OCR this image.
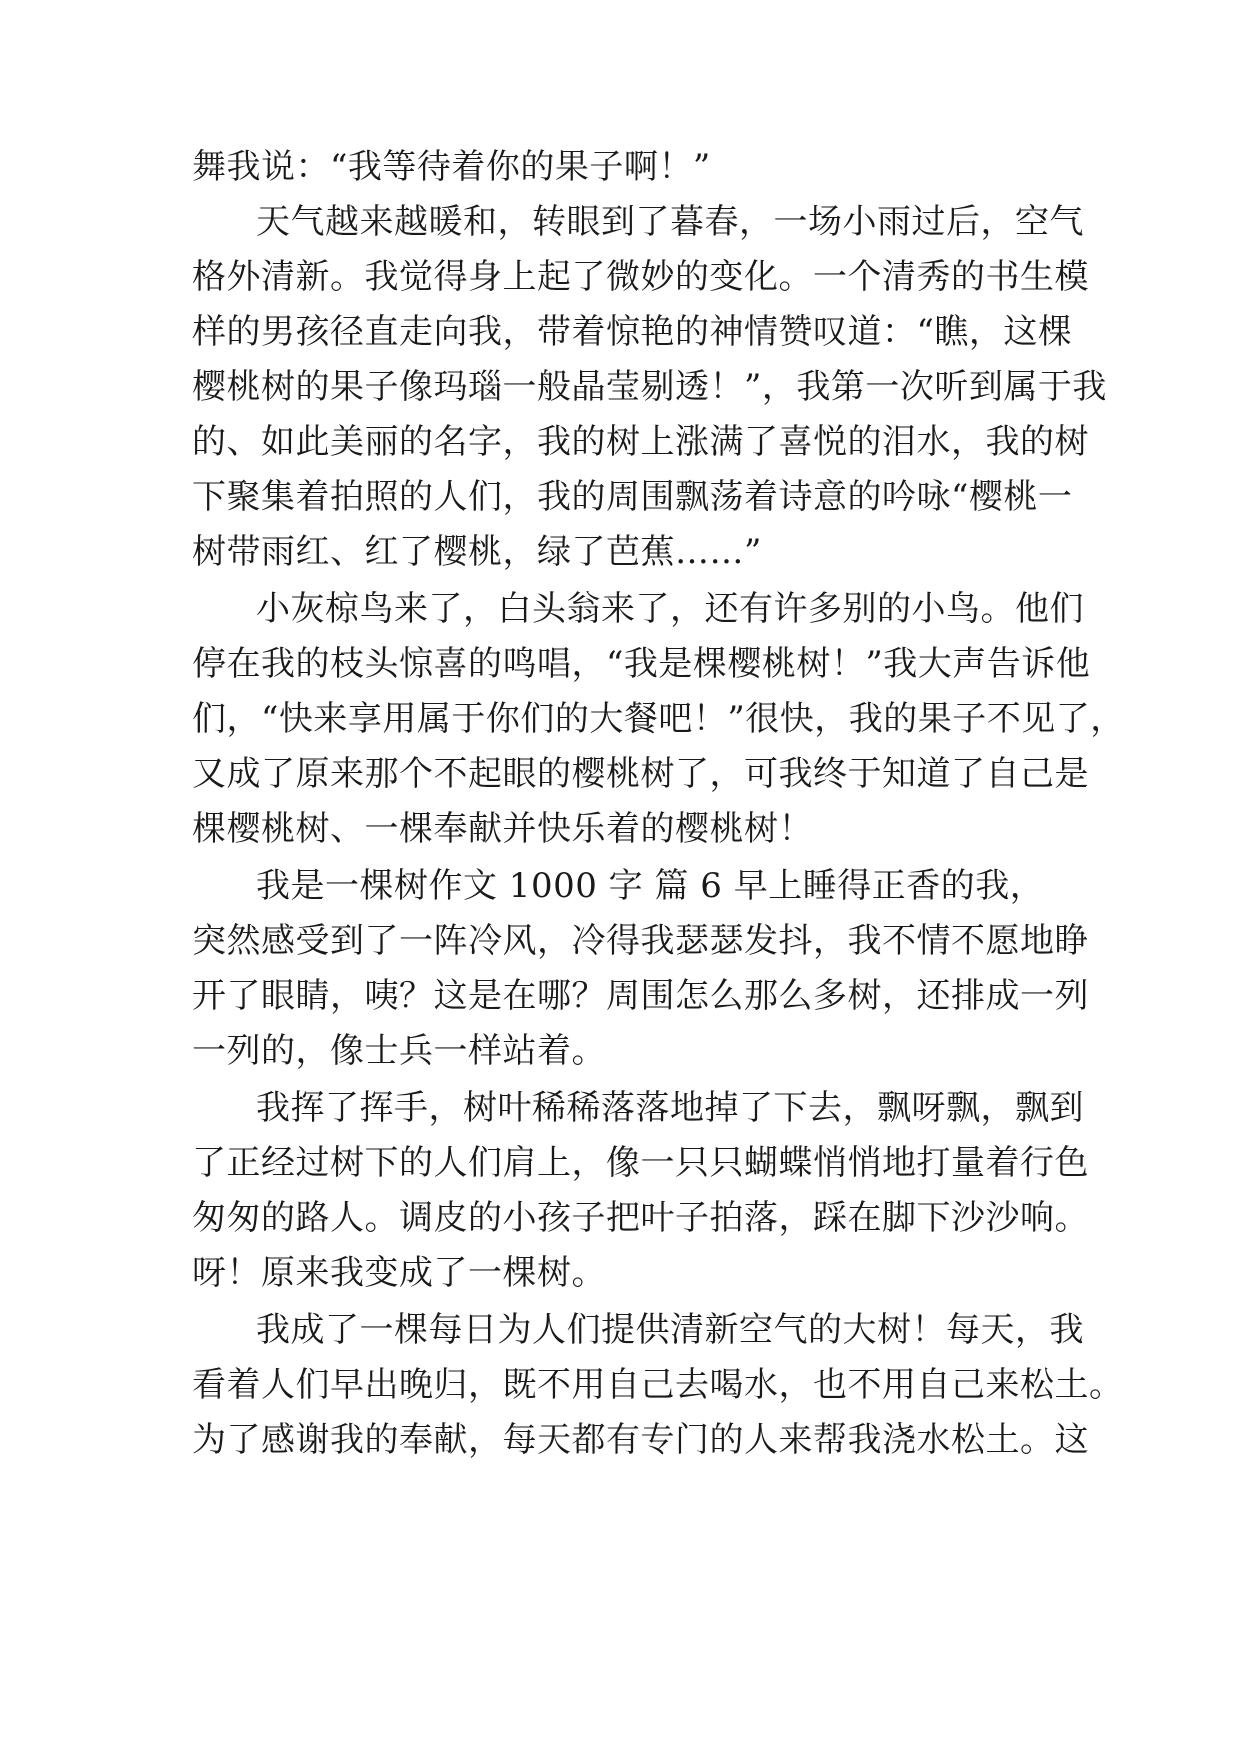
舞我说：“我等待着你的果子啊！”
天气越来越暖和，转眼到了暮春，一场小雨过后，空气
格外清新。我觉得身上起了微妙的变化。一个清秀的书生模
样的男孩径直走向我，带着惊艳的神情赞叹道：“瞧，这棵
樱桃树的果子像玛瑙一般晶莹剔透！”，我第一次听到属于我
的、如此美丽的名字，我的树上涨满了喜悦的泪水，我的树
下聚集着拍照的人们，我的周围飘荡着诗意的吟咏“樱桃一
树带雨红、红了樱桃，绿了芭蕉……”
小灰椋鸟来了，白头翁来了，还有许多别的小鸟。他们
停在我的枝头惊喜的鸣唱，“我是棵樱桃树！”我大声告诉他
们，“快来享用属于你们的大餐吧！”很快，我的果子不见了，
又成了原来那个不起眼的樱桃树了，可我终于知道了自己是
棵樱桃树、一棵奉献并快乐着的樱桃树！
我是一棵树作文 1000 字 篇 6 早上睡得正香的我，
突然感受到了一阵冷风，冷得我瑟瑟发抖，我不情不愿地睁
开了眼睛，咦？这是在哪？周围怎么那么多树，还排成一列
一列的，像士兵一样站着。
我挥了挥手，树叶稀稀落落地掉了下去，飘呀飘，飘到
了正经过树下的人们肩上，像一只只蝴蝶悄悄地打量着行色
匆匆的路人。调皮的小孩子把叶子拍落，踩在脚下沙沙响。
呀！原来我变成了一棵树。
我成了一棵每日为人们提供清新空气的大树！每天，我
看着人们早出晚归，既不用自己去喝水，也不用自己来松土。
为了感谢我的奉献，每天都有专门的人来帮我浇水松土。这
